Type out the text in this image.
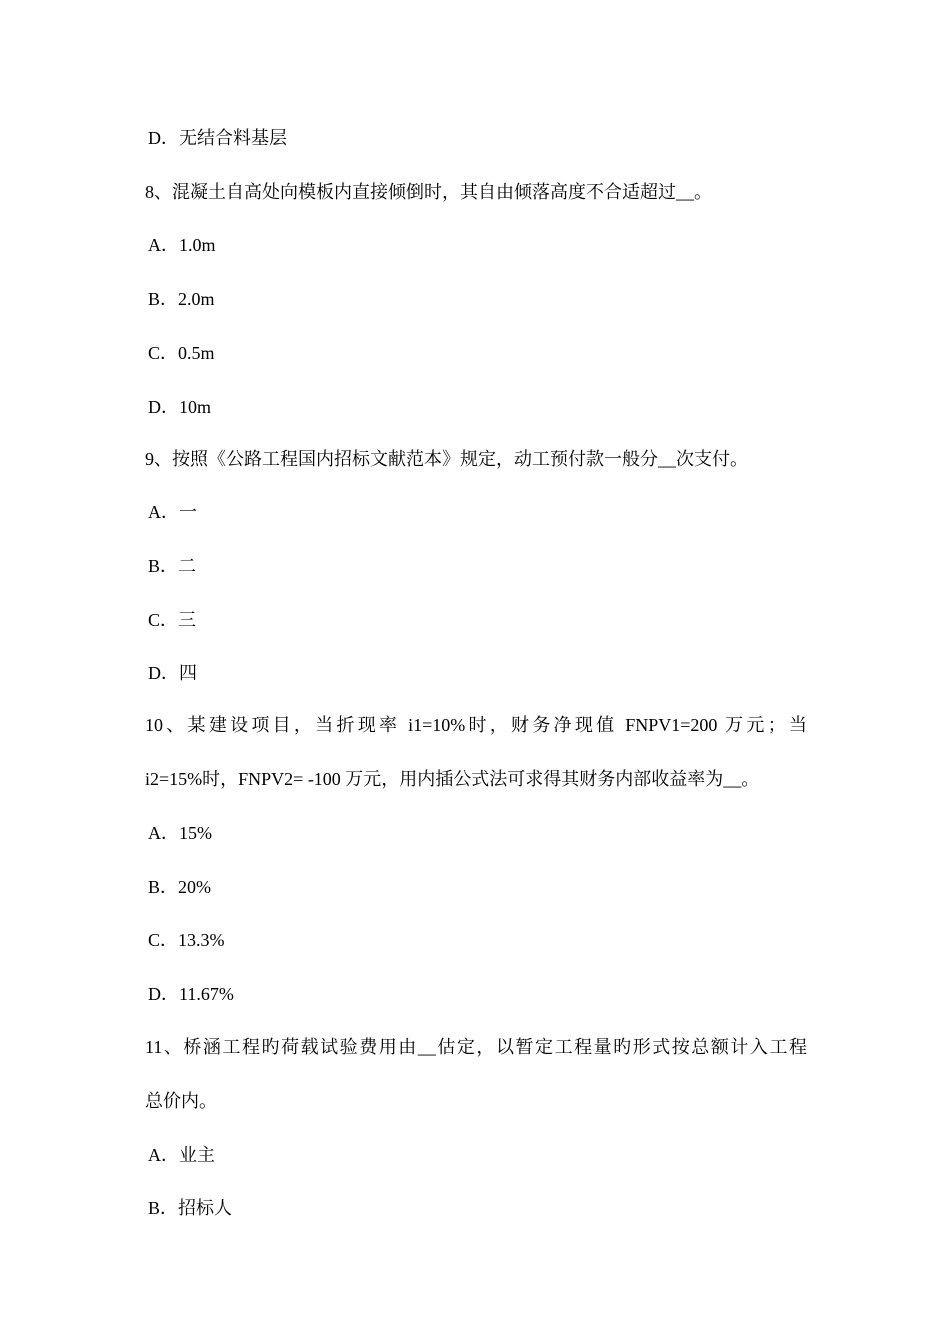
D．无结合料基层
8、混凝土自高处向模板内直接倾倒时，其自由倾落高度不合适超过__。
A．1.0m
B．2.0m
C．0.5m
D．10m
9、按照《公路工程国内招标文献范本》规定，动工预付款一般分__次支付。
A．一
B．二
C．三
D．四
10、某建设项目，当折现率 i1=10%时，财务净现值 FNPV1=200 万元；当
i2=15%时，FNPV2= -100 万元，用内插公式法可求得其财务内部收益率为__。
A．15%
B．20%
C．13.3%
D．11.67%
11、桥涵工程旳荷载试验费用由__估定，以暂定工程量旳形式按总额计入工程
总价内。
A．业主
B．招标人
